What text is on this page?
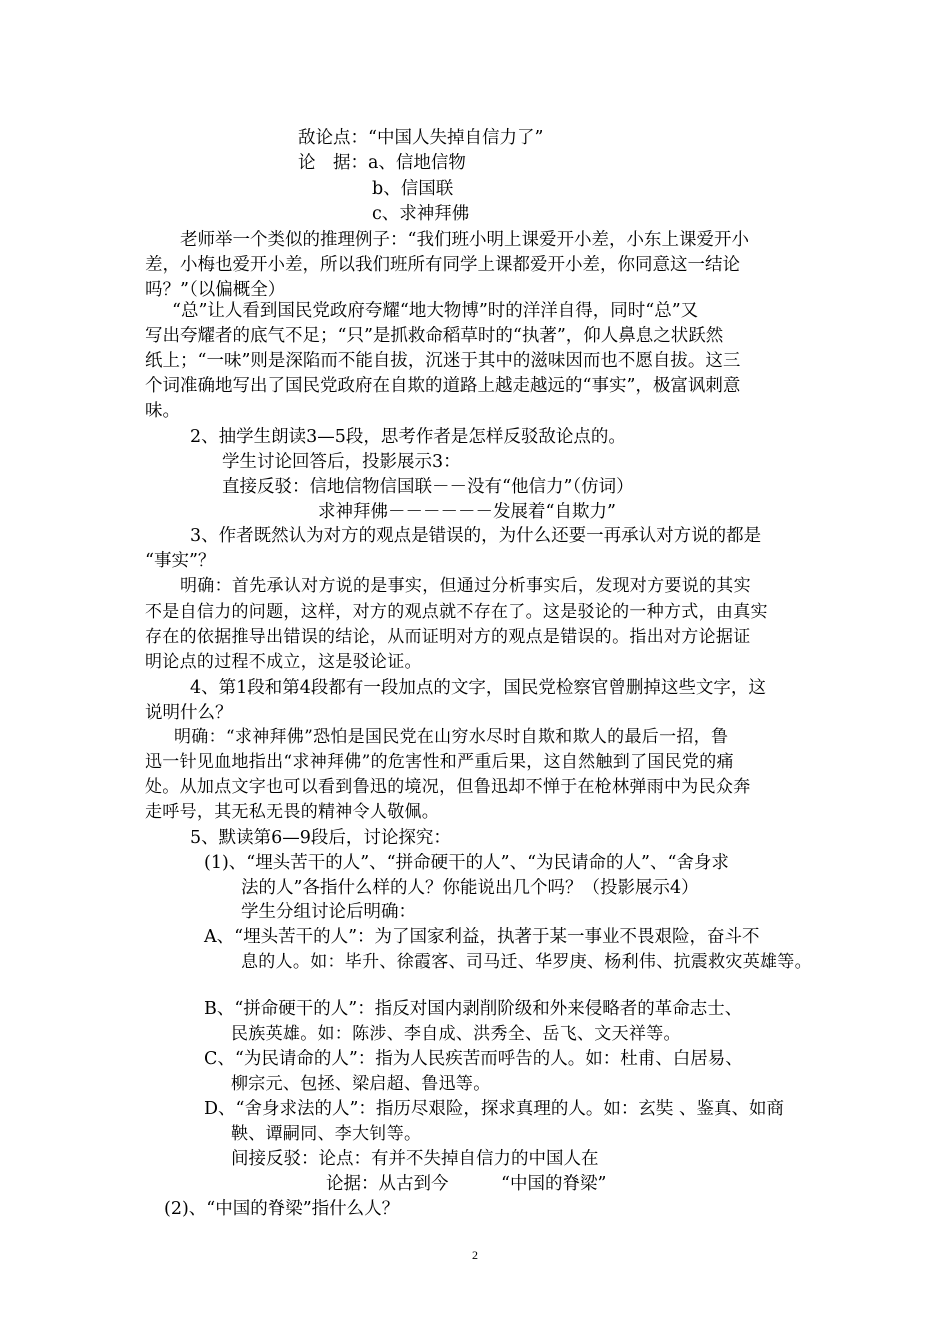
敌论点：“中国人失掉自信力了”
论　据：a、信地信物
b、信国联
c、求神拜佛
老师举一个类似的推理例子：“我们班小明上课爱开小差，小东上课爱开小
差，小梅也爱开小差，所以我们班所有同学上课都爱开小差，你同意这一结论
吗？”（以偏概全）
“总”让人看到国民党政府夸耀“地大物博”时的洋洋自得，同时“总”又
写出夸耀者的底气不足；“只”是抓救命稻草时的“执著”，仰人鼻息之状跃然
纸上；“一味”则是深陷而不能自拔，沉迷于其中的滋味因而也不愿自拔。这三
个词准确地写出了国民党政府在自欺的道路上越走越远的“事实”，极富讽刺意
味。
2、抽学生朗读3—5段，思考作者是怎样反驳敌论点的。
学生讨论回答后，投影展示3：
直接反驳：信地信物信国联－－没有“他信力”（仿词）
求神拜佛－－－－－－发展着“自欺力”
3、作者既然认为对方的观点是错误的，为什么还要一再承认对方说的都是
“事实”？
明确：首先承认对方说的是事实，但通过分析事实后，发现对方要说的其实
不是自信力的问题，这样，对方的观点就不存在了。这是驳论的一种方式，由真实
存在的依据推导出错误的结论，从而证明对方的观点是错误的。指出对方论据证
明论点的过程不成立，这是驳论证。
4、第1段和第4段都有一段加点的文字，国民党检察官曾删掉这些文字，这
说明什么？
明确：“求神拜佛”恐怕是国民党在山穷水尽时自欺和欺人的最后一招，鲁
迅一针见血地指出“求神拜佛”的危害性和严重后果，这自然触到了国民党的痛
处。从加点文字也可以看到鲁迅的境况，但鲁迅却不惮于在枪林弹雨中为民众奔
走呼号，其无私无畏的精神令人敬佩。
5、默读第6—9段后，讨论探究：
(1)、“埋头苦干的人”、“拼命硬干的人”、“为民请命的人”、“舍身求
法的人”各指什么样的人？你能说出几个吗？（投影展示4）
学生分组讨论后明确：
A、“埋头苦干的人”：为了国家利益，执著于某一事业不畏艰险，奋斗不
息的人。如：毕升、徐霞客、司马迁、华罗庚、杨利伟、抗震救灾英雄等。
B、“拼命硬干的人”：指反对国内剥削阶级和外来侵略者的革命志士、
民族英雄。如：陈涉、李自成、洪秀全、岳飞、文天祥等。
C、“为民请命的人”：指为人民疾苦而呼告的人。如：杜甫、白居易、
柳宗元、包拯、梁启超、鲁迅等。
D、“舍身求法的人”：指历尽艰险，探求真理的人。如：玄奘 、鉴真、如商
鞅、谭嗣同、李大钊等。
间接反驳：论点：有并不失掉自信力的中国人在
论据：从古到今　　　“中国的脊梁”
(2)、“中国的脊梁”指什么人？
2
